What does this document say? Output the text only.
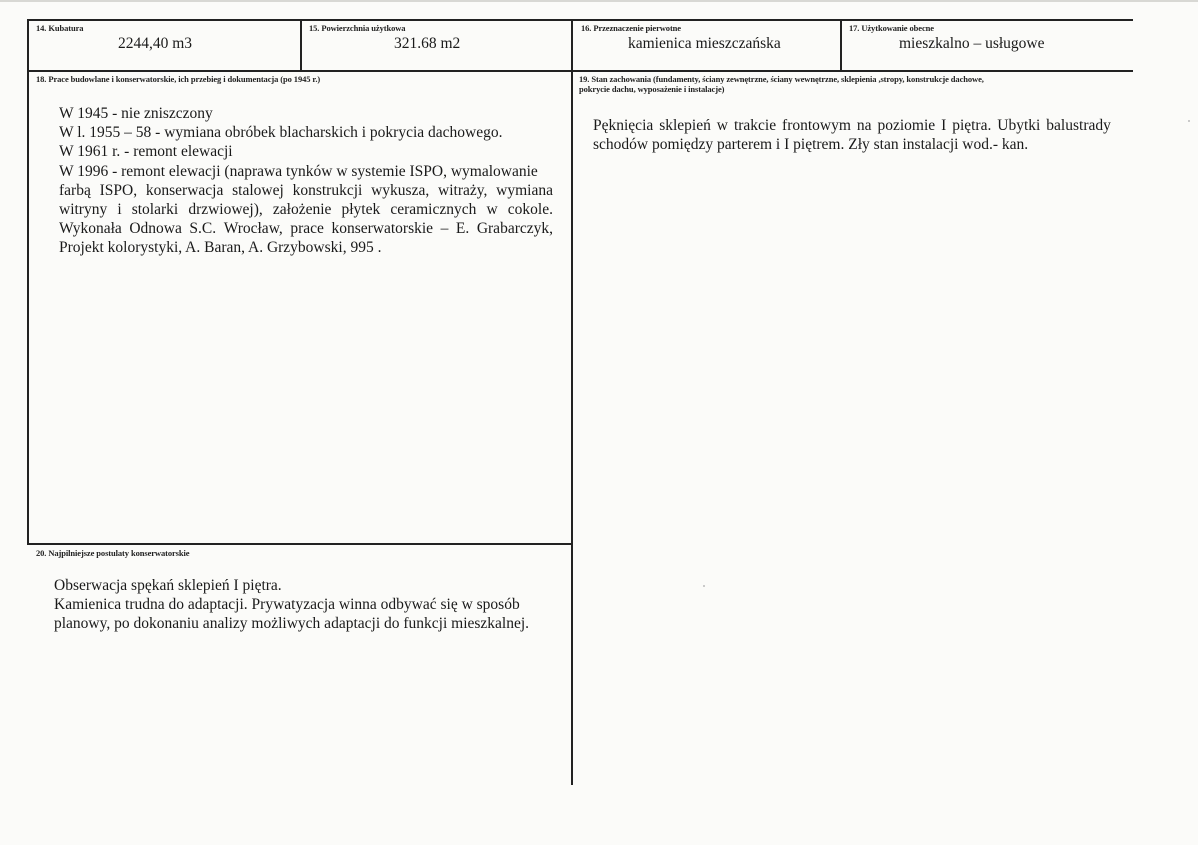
14. Kubatura
2244,40 m3
15. Powierzchnia użytkowa
321.68 m2
16. Przeznaczenie pierwotne
kamienica mieszczańska
17. Użytkowanie obecne
mieszkalno – usługowe
18. Prace budowlane i konserwatorskie, ich przebieg i dokumentacja (po 1945 r.)
W 1945 - nie zniszczony
W l. 1955 – 58 - wymiana obróbek blacharskich i pokrycia dachowego.
W 1961 r. - remont elewacji
W 1996 - remont elewacji (naprawa tynków w systemie ISPO, wymalowanie
farbą ISPO, konserwacja stalowej konstrukcji wykusza, witraży, wymiana
witryny i stolarki drzwiowej), założenie płytek ceramicznych w cokole.
Wykonała Odnowa S.C. Wrocław, prace konserwatorskie – E. Grabarczyk,
Projekt kolorystyki, A. Baran, A. Grzybowski, 995 .
19. Stan zachowania (fundamenty, ściany zewnętrzne, ściany wewnętrzne, sklepienia ,stropy, konstrukcje dachowe,
pokrycie dachu, wyposażenie i instalacje)
Pęknięcia sklepień w trakcie frontowym na poziomie I piętra. Ubytki balustrady
schodów pomiędzy parterem i I piętrem. Zły stan instalacji wod.- kan.
20. Najpilniejsze postulaty konserwatorskie
Obserwacja spękań sklepień I piętra.
Kamienica trudna do adaptacji. Prywatyzacja winna odbywać się w sposób
planowy, po dokonaniu analizy możliwych adaptacji do funkcji mieszkalnej.
